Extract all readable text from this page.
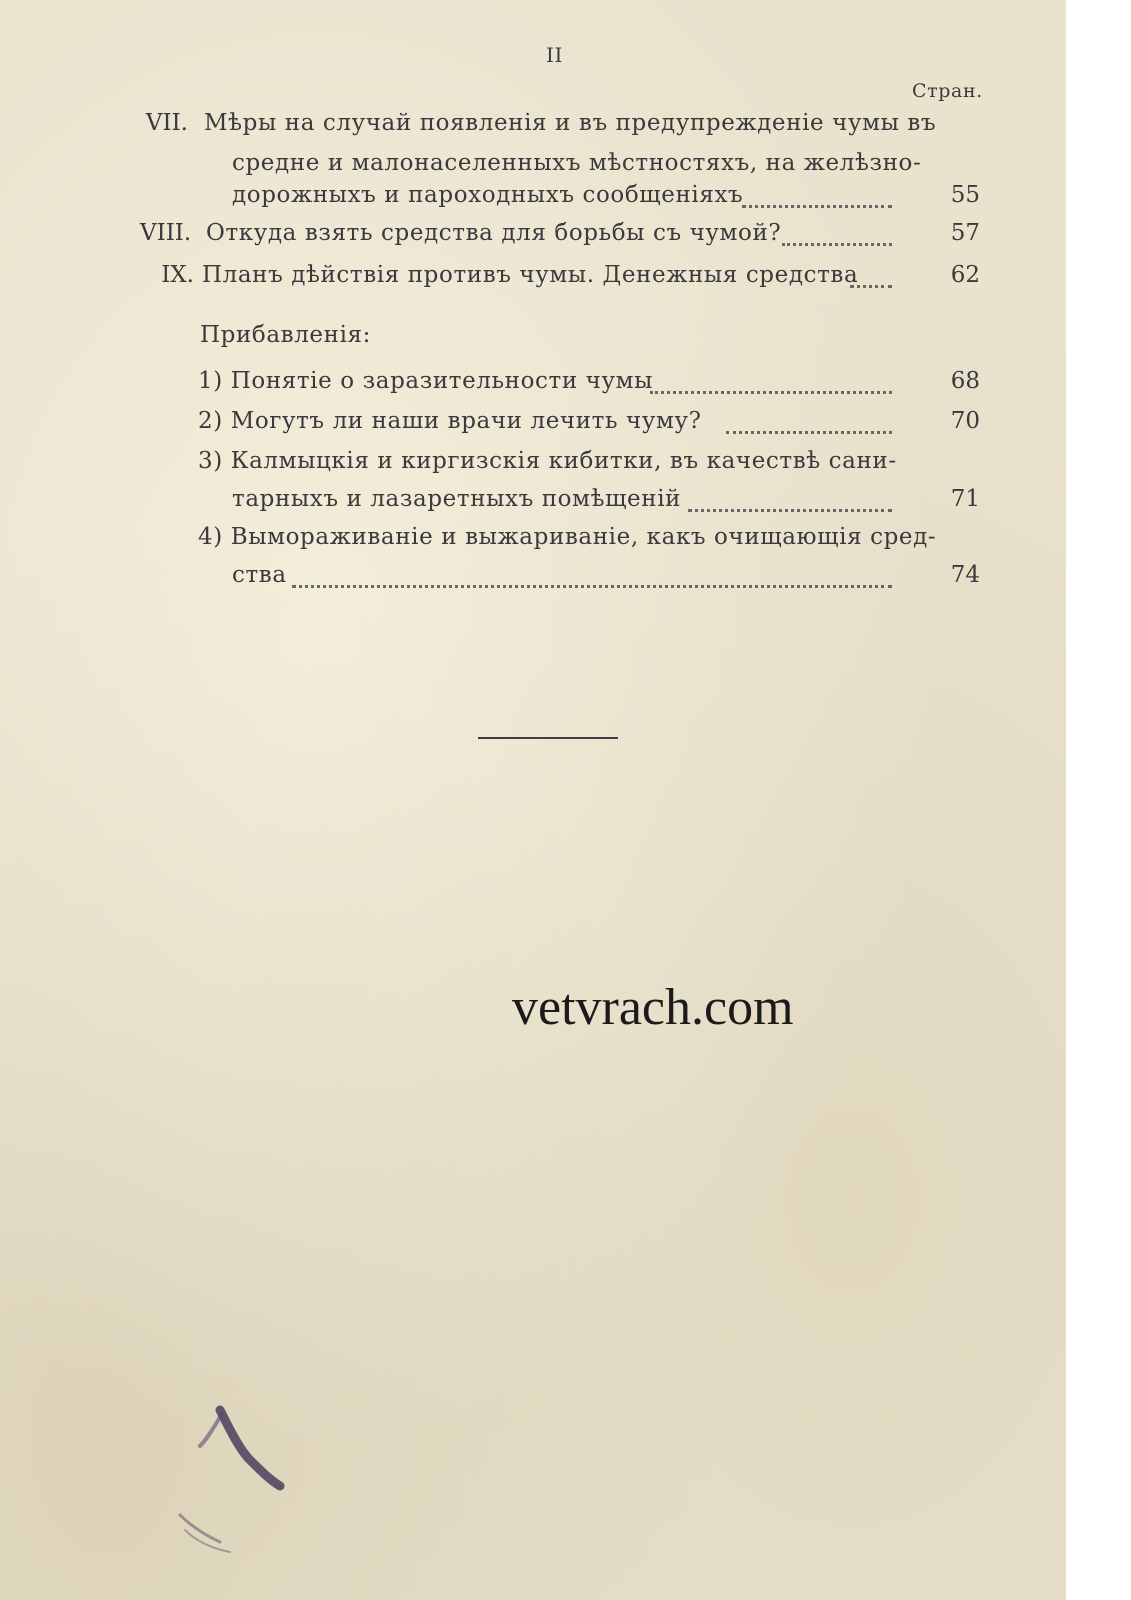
II
Стран.
VII. Мѣры на случай появленія и въ предупрежденіе чумы въ
средне и малонаселенныхъ мѣстностяхъ, на желѣзно-
дорожныхъ и пароходныхъ сообщеніяхъ	55
VIII. Откуда взять средства для борьбы съ чумой?	57
IX. Планъ дѣйствія противъ чумы. Денежныя средства	62
Прибавленія:
1) Понятіе о заразительности чумы	68
2) Могутъ ли наши врачи лечить чуму?	70
3) Калмыцкія и киргизскія кибитки, въ качествѣ сани-
тарныхъ и лазаретныхъ помѣщеній	71
4) Вымораживаніе и выжариваніе, какъ очищающія сред-
ства	74
vetvrach.com
